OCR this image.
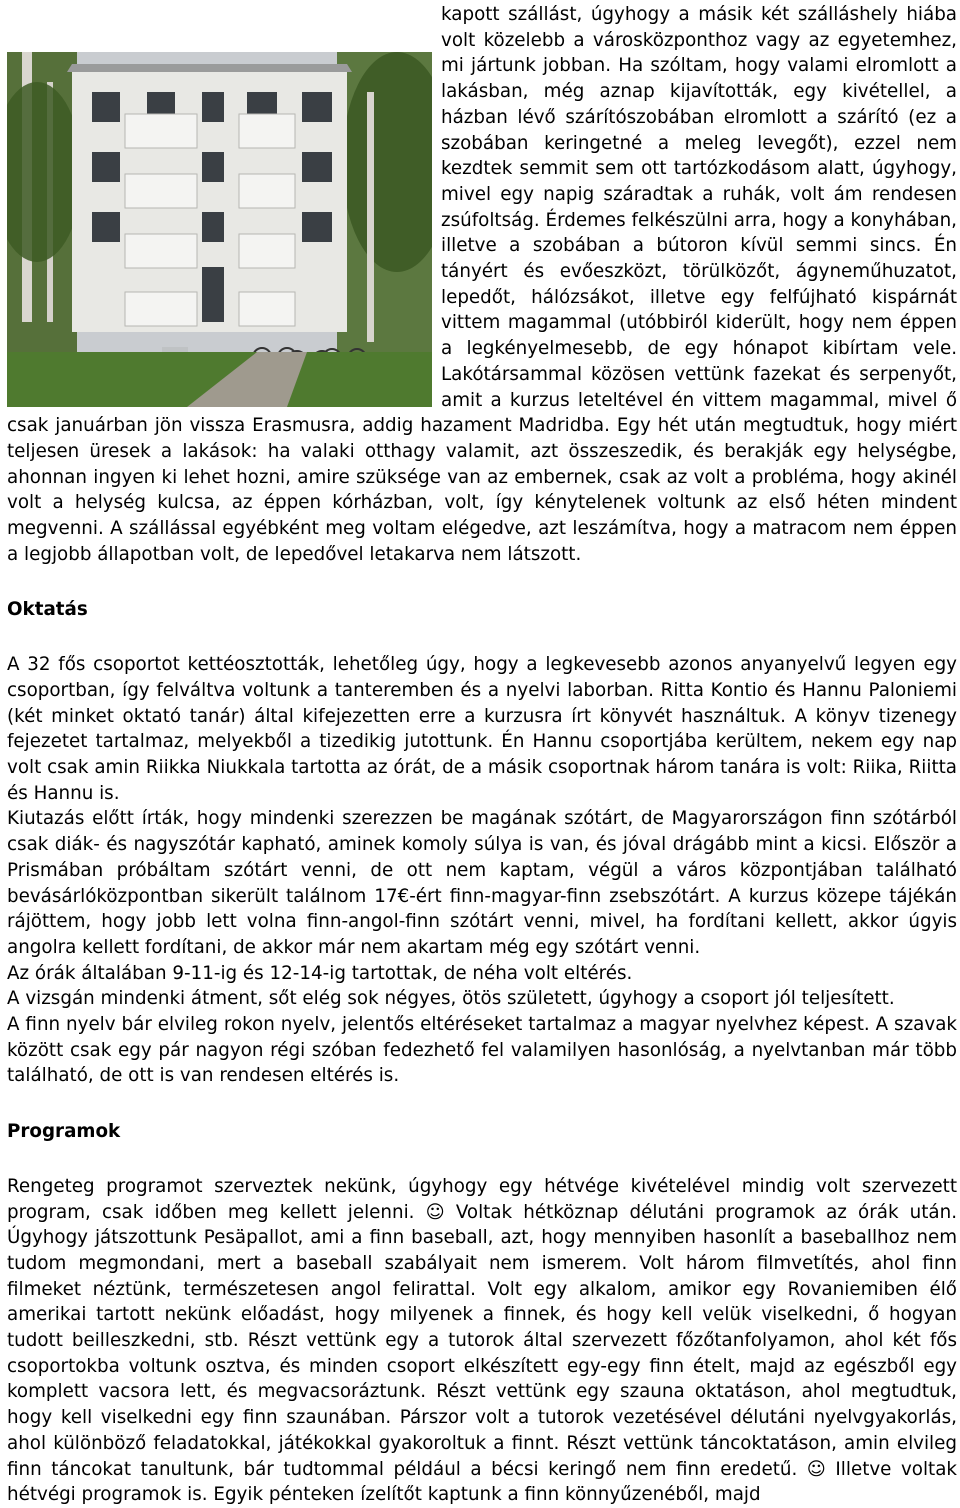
kapott szállást, úgyhogy a másik két szálláshely hiába volt közelebb a városközponthoz vagy az egyetemhez, mi jártunk jobban. Ha szóltam, hogy valami elromlott a lakásban, még aznap kijavították, egy kivétellel, a házban lévő szárítószobában elromlott a szárító (ez a szobában keringetné a meleg levegőt), ezzel nem kezdtek semmit sem ott tartózkodásom alatt, úgyhogy, mivel egy napig száradtak a ruhák, volt ám rendesen zsúfoltság. Érdemes felkészülni arra, hogy a konyhában, illetve a szobában a bútoron kívül semmi sincs. Én tányért és evőeszközt, törülközőt, ágyneműhuzatot, lepedőt, hálózsákot, illetve egy felfújható kispárnát vittem magammal (utóbbiról kiderült, hogy nem éppen a legkényelmesebb, de egy hónapot kibírtam vele. Lakótársammal közösen vettünk fazekat és serpenyőt, amit a kurzus leteltével én vittem magammal, mivel ő csak januárban jön vissza Erasmusra, addig hazament Madridba. Egy hét után megtudtuk, hogy miért teljesen üresek a lakások: ha valaki otthagy valamit, azt összeszedik, és berakják egy helységbe, ahonnan ingyen ki lehet hozni, amire szüksége van az embernek, csak az volt a probléma, hogy akinél volt a helység kulcsa, az éppen kórházban, volt, így kénytelenek voltunk az első héten mindent megvenni. A szállással egyébként meg voltam elégedve, azt leszámítva, hogy a matracom nem éppen a legjobb állapotban volt, de lepedővel letakarva nem látszott.

Oktatás

A 32 fős csoportot kettéosztották, lehetőleg úgy, hogy a legkevesebb azonos anyanyelvű legyen egy csoportban, így felváltva voltunk a tanteremben és a nyelvi laborban. Ritta Kontio és Hannu Paloniemi (két minket oktató tanár) által kifejezetten erre a kurzusra írt könyvét használtuk. A könyv tizenegy fejezetet tartalmaz, melyekből a tizedikig jutottunk. Én Hannu csoportjába kerültem, nekem egy nap volt csak amin Riikka Niukkala tartotta az órát, de a másik csoportnak három tanára is volt: Riika, Riitta és Hannu is.

Kiutazás előtt írták, hogy mindenki szerezzen be magának szótárt, de Magyarországon finn szótárból csak diák- és nagyszótár kapható, aminek komoly súlya is van, és jóval drágább mint a kicsi. Először a Prismában próbáltam szótárt venni, de ott nem kaptam, végül a város központjában található bevásárlóközpontban sikerült találnom 17€-ért finn-magyar-finn zsebszótárt. A kurzus közepe tájékán rájöttem, hogy jobb lett volna finn-angol-finn szótárt venni, mivel, ha fordítani kellett, akkor úgyis angolra kellett fordítani, de akkor már nem akartam még egy szótárt venni.

Az órák általában 9-11-ig és 12-14-ig tartottak, de néha volt eltérés.

A vizsgán mindenki átment, sőt elég sok négyes, ötös született, úgyhogy a csoport jól teljesített.

A finn nyelv bár elvileg rokon nyelv, jelentős eltéréseket tartalmaz a magyar nyelvhez képest. A szavak között csak egy pár nagyon régi szóban fedezhető fel valamilyen hasonlóság, a nyelvtanban már több található, de ott is van rendesen eltérés is.

Programok

Rengeteg programot szerveztek nekünk, úgyhogy egy hétvége kivételével mindig volt szervezett program, csak időben meg kellett jelenni. ☺ Voltak hétköznap délutáni programok az órák után. Úgyhogy játszottunk Pesäpallot, ami a finn baseball, azt, hogy mennyiben hasonlít a baseballhoz nem tudom megmondani, mert a baseball szabályait nem ismerem. Volt három filmvetítés, ahol finn filmeket néztünk, természetesen angol felirattal. Volt egy alkalom, amikor egy Rovaniemiben élő amerikai tartott nekünk előadást, hogy milyenek a finnek, és hogy kell velük viselkedni, ő hogyan tudott beilleszkedni, stb. Részt vettünk egy a tutorok által szervezett főzőtanfolyamon, ahol két fős csoportokba voltunk osztva, és minden csoport elkészített egy-egy finn ételt, majd az egészből egy komplett vacsora lett, és megvacsoráztunk. Részt vettünk egy szauna oktatáson, ahol megtudtuk, hogy kell viselkedni egy finn szaunában. Párszor volt a tutorok vezetésével délutáni nyelvgyakorlás, ahol különböző feladatokkal, játékokkal gyakoroltuk a finnt. Részt vettünk táncoktatáson, amin elvileg finn táncokat tanultunk, bár tudtommal például a bécsi keringő nem finn eredetű. ☺ Illetve voltak hétvégi programok is. Egyik pénteken ízelítőt kaptunk a finn könnyűzenéből, majd
